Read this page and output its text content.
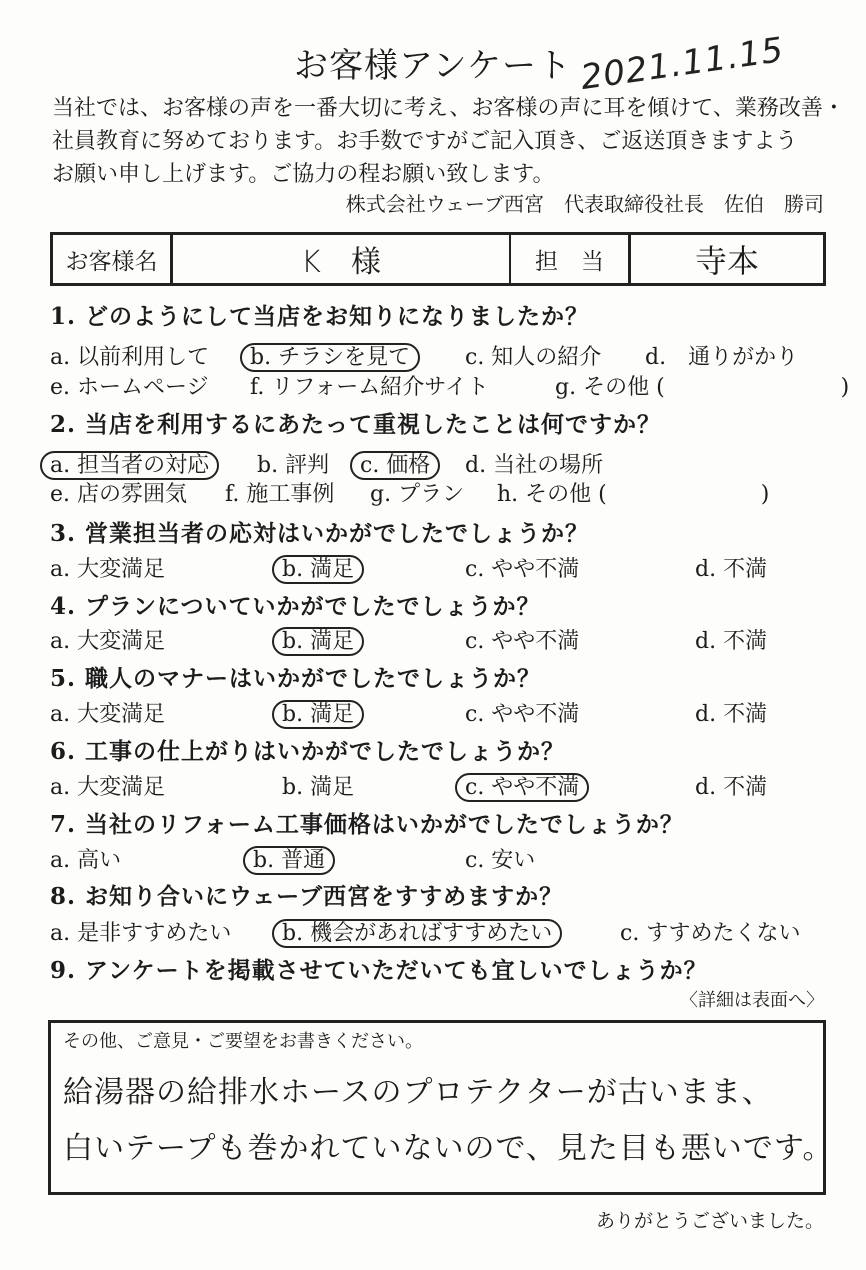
お客様アンケート 2021.11.15
当社では、お客様の声を一番大切に考え、お客様の声に耳を傾けて、業務改善・
社員教育に努めております。お手数ですがご記入頂き、ご返送頂きますよう
お願い申し上げます。ご協力の程お願い致します。
株式会社ウェーブ西宮　代表取締役社長　佐伯　勝司
お客様名	K　様	担　当	寺本
1. どのようにして当店をお知りになりましたか？
a. 以前利用して b. チラシを見て	c. 知人の紹介 d.　通りがかり
e. ホームページ f. リフォーム紹介サイト	g. その他 (　　　　　　　　)
2. 当店を利用するにあたって重視したことは何ですか？
a. 担当者の対応	b. 評判 c. 価格	d. 当社の場所
e. 店の雰囲気 f. 施工事例 g. プラン h. その他 (　　　　　　　)
3. 営業担当者の応対はいかがでしたでしょうか？
a. 大変満足	b. 満足	c. やや不満	d. 不満
4. プランについていかがでしたでしょうか？
a. 大変満足	b. 満足	c. やや不満	d. 不満
5. 職人のマナーはいかがでしたでしょうか？
a. 大変満足	b. 満足	c. やや不満	d. 不満
6. 工事の仕上がりはいかがでしたでしょうか？
a. 大変満足	b. 満足	c. やや不満	d. 不満
7. 当社のリフォーム工事価格はいかがでしたでしょうか？
a. 高い	b. 普通	c. 安い
8. お知り合いにウェーブ西宮をすすめますか？
a. 是非すすめたい b. 機会があればすすめたい	c. すすめたくない
9. アンケートを掲載させていただいても宜しいでしょうか？
〈詳細は表面へ〉
その他、ご意見・ご要望をお書きください。
給湯器の給排水ホースのプロテクターが古いまま、
白いテープも巻かれていないので、見た目も悪いです。
ありがとうございました。
